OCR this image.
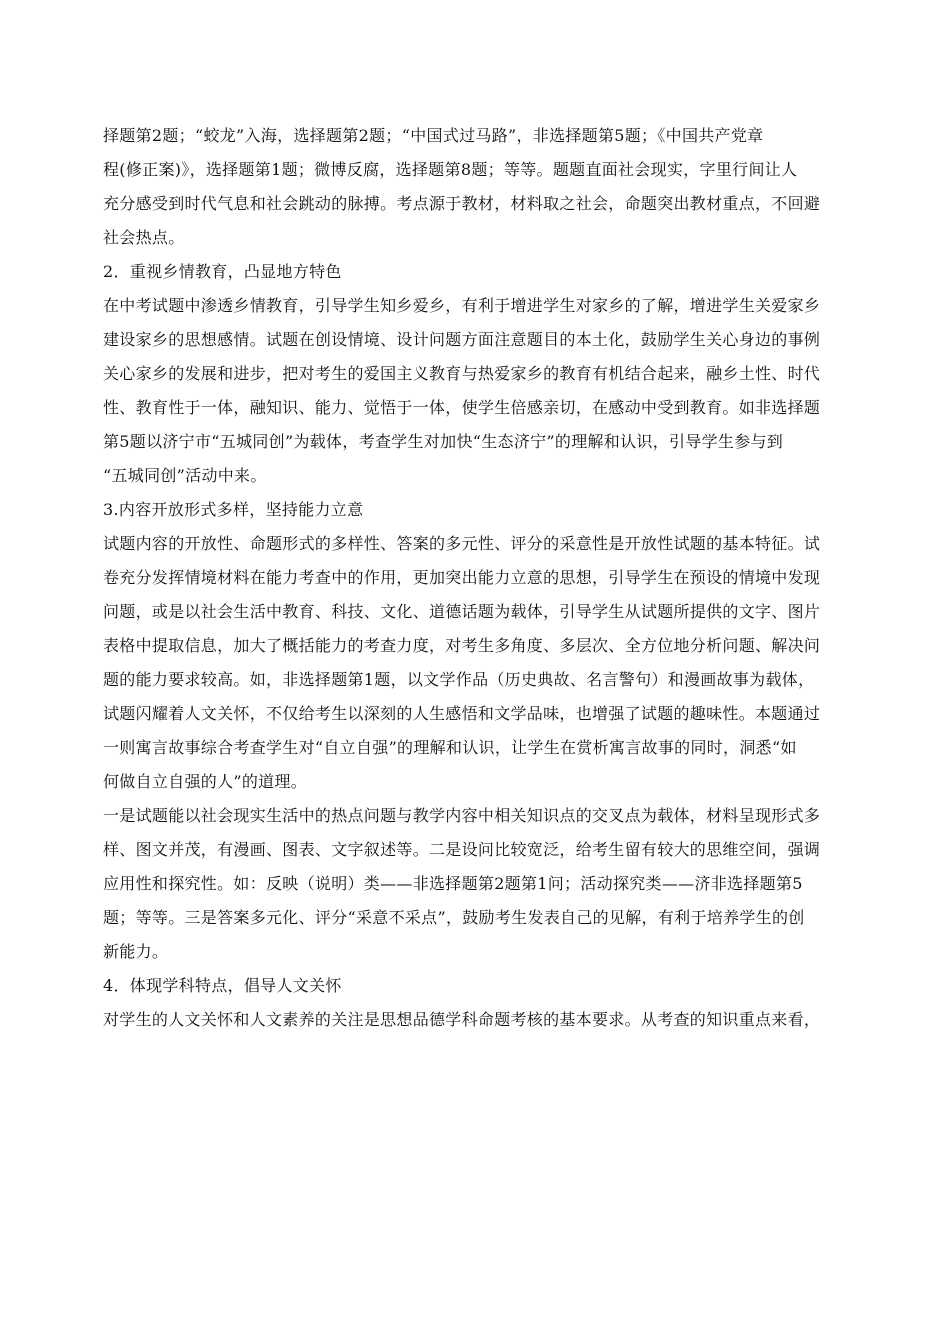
择题第2题；“蛟龙”入海，选择题第2题；“中国式过马路”，非选择题第5题；《中国共产党章
程(修正案)》，选择题第1题；微博反腐，选择题第8题；等等。题题直面社会现实，字里行间让人
充分感受到时代气息和社会跳动的脉搏。考点源于教材，材料取之社会，命题突出教材重点，不回避
社会热点。
2．重视乡情教育，凸显地方特色
在中考试题中渗透乡情教育，引导学生知乡爱乡，有利于增进学生对家乡的了解，增进学生关爱家乡
建设家乡的思想感情。试题在创设情境、设计问题方面注意题目的本土化，鼓励学生关心身边的事例
关心家乡的发展和进步，把对考生的爱国主义教育与热爱家乡的教育有机结合起来，融乡土性、时代
性、教育性于一体，融知识、能力、觉悟于一体，使学生倍感亲切，在感动中受到教育。如非选择题
第5题以济宁市“五城同创”为载体，考查学生对加快“生态济宁”的理解和认识，引导学生参与到
“五城同创”活动中来。
3.内容开放形式多样，坚持能力立意
试题内容的开放性、命题形式的多样性、答案的多元性、评分的采意性是开放性试题的基本特征。试
卷充分发挥情境材料在能力考查中的作用，更加突出能力立意的思想，引导学生在预设的情境中发现
问题，或是以社会生活中教育、科技、文化、道德话题为载体，引导学生从试题所提供的文字、图片
表格中提取信息，加大了概括能力的考查力度，对考生多角度、多层次、全方位地分析问题、解决问
题的能力要求较高。如，非选择题第1题，以文学作品（历史典故、名言警句）和漫画故事为载体，
试题闪耀着人文关怀，不仅给考生以深刻的人生感悟和文学品味，也增强了试题的趣味性。本题通过
一则寓言故事综合考查学生对“自立自强”的理解和认识，让学生在赏析寓言故事的同时，洞悉“如
何做自立自强的人”的道理。
一是试题能以社会现实生活中的热点问题与教学内容中相关知识点的交叉点为载体，材料呈现形式多
样、图文并茂，有漫画、图表、文字叙述等。二是设问比较宽泛，给考生留有较大的思维空间，强调
应用性和探究性。如：反映（说明）类——非选择题第2题第1问；活动探究类——济非选择题第5
题；等等。三是答案多元化、评分“采意不采点”，鼓励考生发表自己的见解，有利于培养学生的创
新能力。
4．体现学科特点，倡导人文关怀
对学生的人文关怀和人文素养的关注是思想品德学科命题考核的基本要求。从考查的知识重点来看，
